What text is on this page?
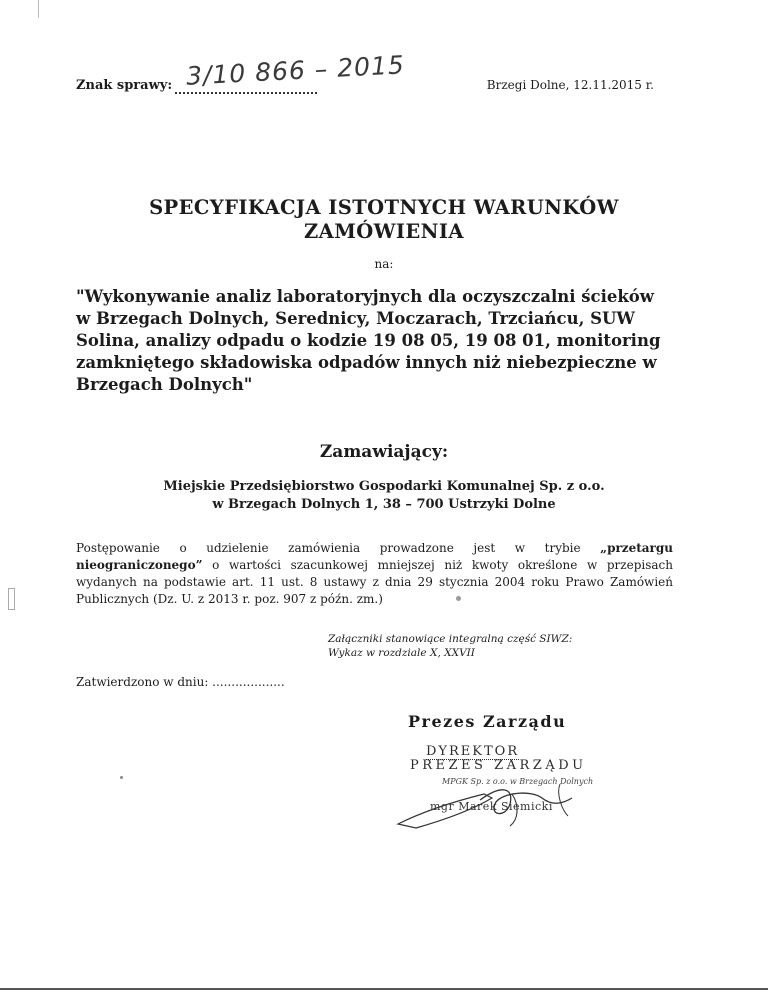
Znak sprawy: 3/10 866 – 2015	Brzegi Dolne, 12.11.2015 r.
SPECYFIKACJA ISTOTNYCH WARUNKÓW
ZAMÓWIENIA
na:
"Wykonywanie analiz laboratoryjnych dla oczyszczalni ścieków
w Brzegach Dolnych, Serednicy, Moczarach, Trzciańcu, SUW
Solina, analizy odpadu o kodzie 19 08 05, 19 08 01, monitoring
zamkniętego składowiska odpadów innych niż niebezpieczne w
Brzegach Dolnych"
Zamawiający:
Miejskie Przedsiębiorstwo Gospodarki Komunalnej Sp. z o.o.
w Brzegach Dolnych 1, 38 – 700 Ustrzyki Dolne
Postępowanie o udzielenie zamówienia prowadzone jest w trybie „przetargu nieograniczonego” o wartości szacunkowej mniejszej niż kwoty określone w przepisach wydanych na podstawie art. 11 ust. 8 ustawy z dnia 29 stycznia 2004 roku Prawo Zamówień Publicznych (Dz. U. z 2013 r. poz. 907 z późn. zm.)
Załączniki stanowiące integralną część SIWZ:
Wykaz w rozdziale X, XXVII
Zatwierdzono w dniu: ...................
Prezes Zarządu
DYREKTOR
PREZES ZARZĄDU
MPGK Sp. z o.o. w Brzegach Dolnych
mgr Marek Siemicki
